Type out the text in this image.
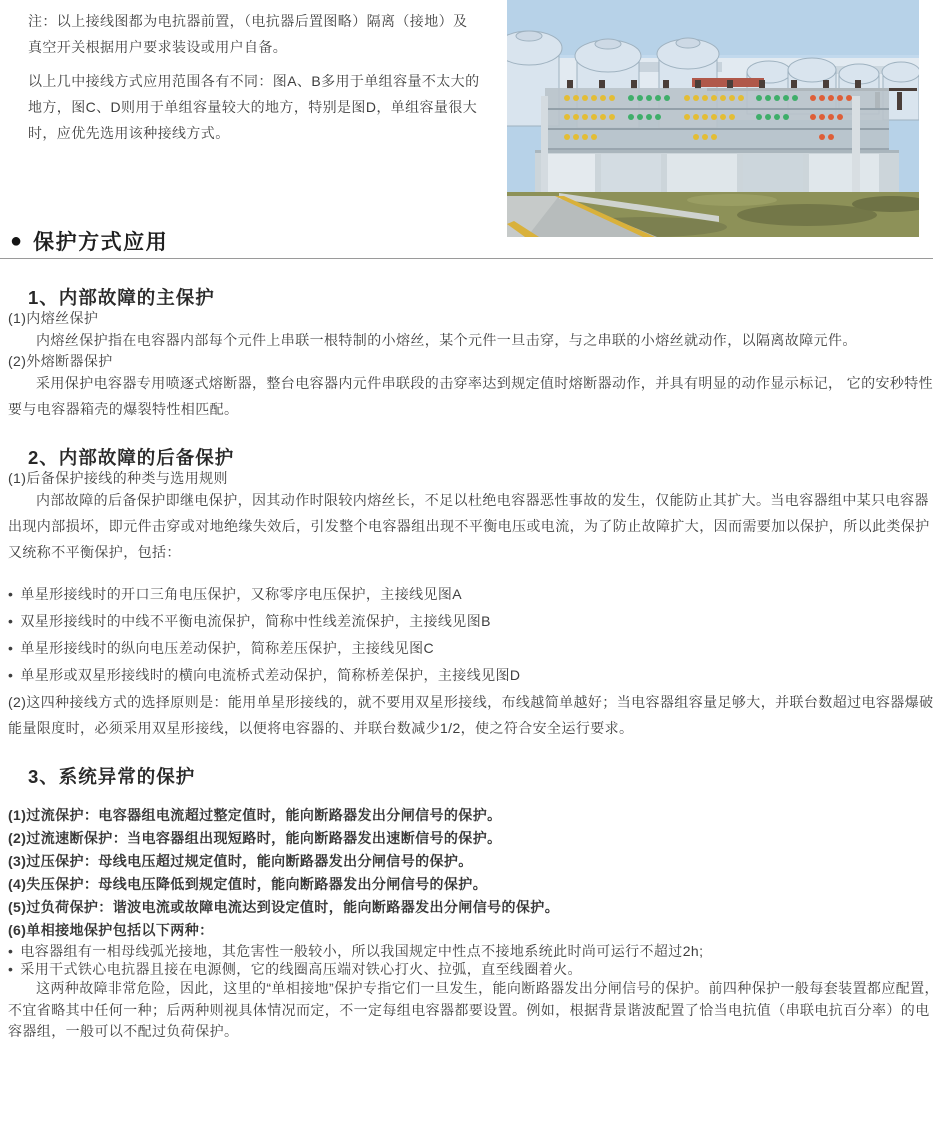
注：以上接线图都为电抗器前置，（电抗器后置图略）隔离（接地）及真空开关根据用户要求装设或用户自备。

以上几中接线方式应用范围各有不同：图A、B多用于单组容量不太大的地方，图C、D则用于单组容量较大的地方，特别是图D，单组容量很大时，应优先选用该种接线方式。

● 保护方式应用
1、内部故障的主保护

(1)内熔丝保护

内熔丝保护指在电容器内部每个元件上串联一根特制的小熔丝，某个元件一旦击穿，与之串联的小熔丝就动作，以隔离故障元件。

(2)外熔断器保护

采用保护电容器专用喷逐式熔断器，整台电容器内元件串联段的击穿率达到规定值时熔断器动作，并具有明显的动作显示标记， 它的安秒特性要与电容器箱壳的爆裂特性相匹配。

2、内部故障的后备保护

(1)后备保护接线的种类与选用规则

内部故障的后备保护即继电保护，因其动作时限较内熔丝长，不足以杜绝电容器恶性事故的发生，仅能防止其扩大。当电容器组中某只电容器出现内部损坏，即元件击穿或对地绝缘失效后，引发整个电容器组出现不平衡电压或电流，为了防止故障扩大，因而需要加以保护，所以此类保护又统称不平衡保护，包括：

• 单星形接线时的开口三角电压保护，又称零序电压保护，主接线见图A
• 双星形接线时的中线不平衡电流保护，简称中性线差流保护，主接线见图B
• 单星形接线时的纵向电压差动保护，简称差压保护，主接线见图C
• 单星形或双星形接线时的横向电流桥式差动保护，简称桥差保护，主接线见图D

(2)这四种接线方式的选择原则是：能用单星形接线的，就不要用双星形接线，布线越简单越好；当电容器组容量足够大，并联台数超过电容器爆破能量限度时，必须采用双星形接线，以便将电容器的、并联台数减少1/2，使之符合安全运行要求。

3、系统异常的保护

(1)过流保护：电容器组电流超过整定值时，能向断路器发出分闸信号的保护。

(2)过流速断保护：当电容器组出现短路时，能向断路器发出速断信号的保护。

(3)过压保护：母线电压超过规定值时，能向断路器发出分闸信号的保护。

(4)失压保护：母线电压降低到规定值时，能向断路器发出分闸信号的保护。

(5)过负荷保护：谐波电流或故障电流达到设定值时，能向断路器发出分闸信号的保护。

(6)单相接地保护包括以下两种：

• 电容器组有一相母线弧光接地，其危害性一般较小，所以我国规定中性点不接地系统此时尚可运行不超过2h;

• 采用干式铁心电抗器且接在电源侧，它的线圈高压端对铁心打火、拉弧，直至线圈着火。

这两种故障非常危险，因此，这里的“单相接地”保护专指它们一旦发生，能向断路器发出分闸信号的保护。前四种保护一般每套装置都应配置，不宜省略其中任何一种；后两种则视具体情况而定，不一定每组电容器都要设置。例如，根据背景谐波配置了恰当电抗值（串联电抗百分率）的电容器组，一般可以不配过负荷保护。
